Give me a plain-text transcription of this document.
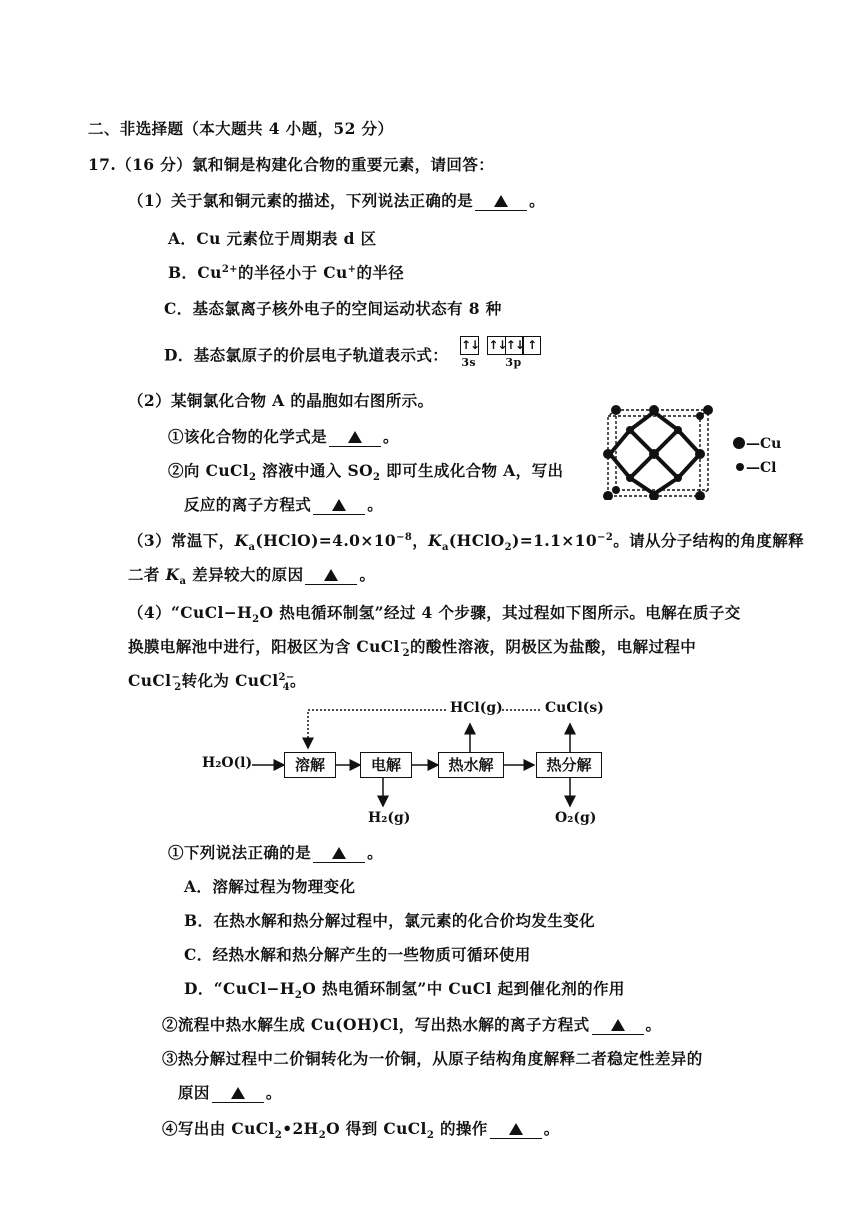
二、非选择题（本大题共 4 小题，52 分）
17.（16 分）氯和铜是构建化合物的重要元素，请回答：
（1）关于氯和铜元素的描述，下列说法正确的是	。
A．Cu 元素位于周期表 d 区
B．$Cu^{2+}$的半径小于 Cu+的半径
C．基态氯离子核外电子的空间运动状态有 8 种
D．基态氯原子的价层电子轨道表示式：
↑↓
3s
↑↓ ↑↓ ↑
3p
（2）某铜氯化合物 A 的晶胞如右图所示。
①该化合物的化学式是	。
②向 CuCl$_2$ 溶液中通入 $SO_2$ 即可生成化合物 A，写出
反应的离子方程式	。
—Cu
—Cl
（3）常温下，$K_a(HClO)=4.0\times 10^{-8}$，$K_a(HClO_2)=1.1\times 10^{-2}$。请从分子结构的角度解释
二者 $K_a$ 差异较大的原因	。
$(4)“CuCl-H_2O$ 热电循环制氢”经过 4 个步骤，其过程如下图所示。电解在质子交
换膜电解池中进行，阳极区为含 CuCl−$_2$的酸性溶液，阴极区为盐酸，电解过程中
CuCl−$_2$转化为 CuCl$^{2-}_4$。
H₂O(l)	溶解	电解	热水解	热分解
HCl(g)	CuCl(s)
H₂(g)	O₂(g)
①下列说法正确的是	。
A．溶解过程为物理变化
B．在热水解和热分解过程中，氯元素的化合价均发生变化
C．经热水解和热分解产生的一些物质可循环使用
D．“$CuCl-H_2O$ 热电循环制氢”中 CuCl 起到催化剂的作用
②流程中热水解生成 Cu(OH)Cl，写出热水解的离子方程式	。
③热分解过程中二价铜转化为一价铜，从原子结构角度解释二者稳定性差异的
原因	。
④写出由 $CuCl_2•2H_2O$ 得到 CuCl$_2$ 的操作	。
